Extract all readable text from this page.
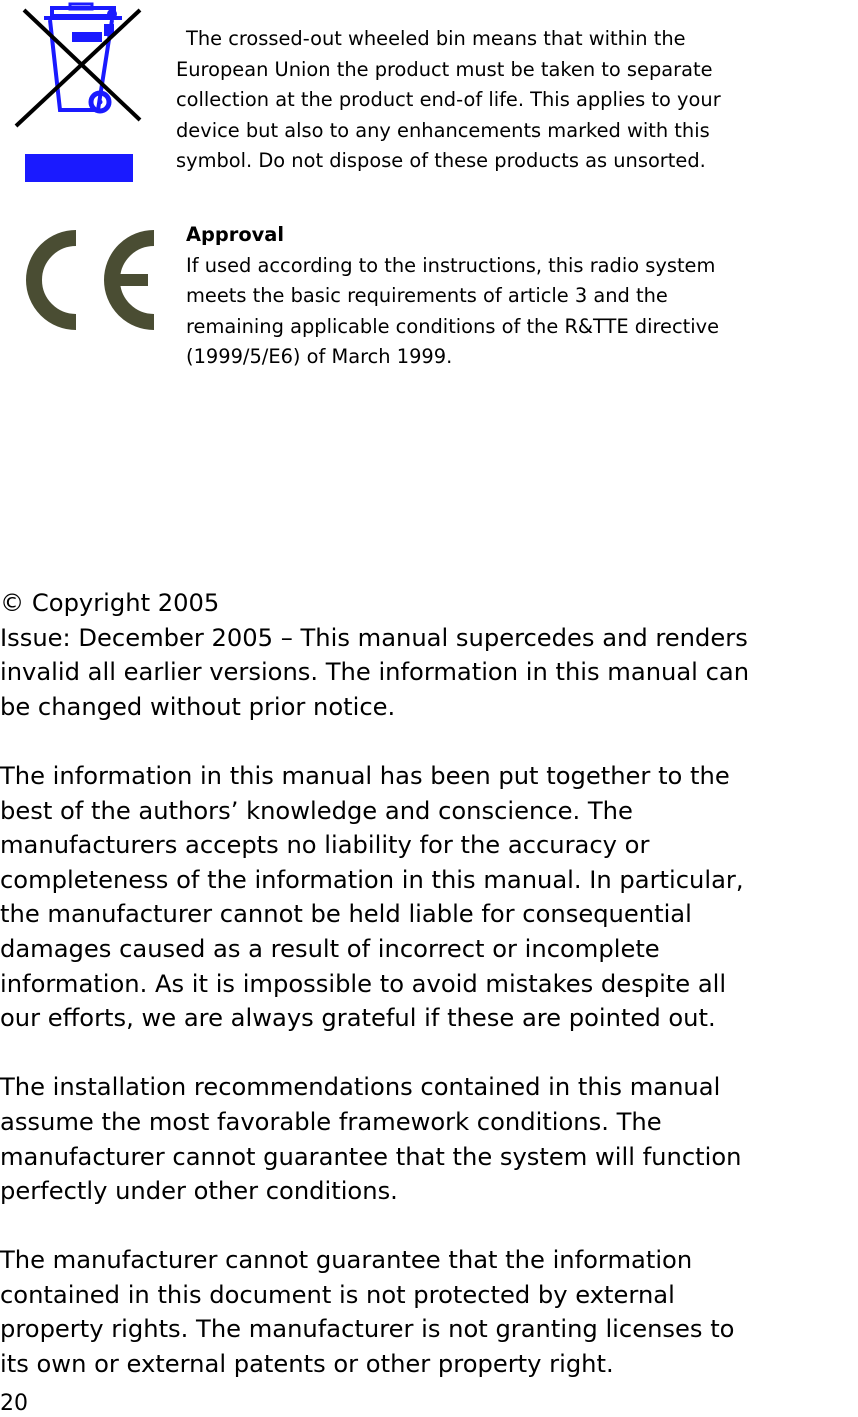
The crossed-out wheeled bin means that within the
European Union the product must be taken to separate
collection at the product end-of life. This applies to your
device but also to any enhancements marked with this
symbol. Do not dispose of these products as unsorted.

Approval
If used according to the instructions, this radio system
meets the basic requirements of article 3 and the
remaining applicable conditions of the R&TTE directive
(1999/5/E6) of March 1999.

© Copyright 2005

Issue: December 2005 – This manual supercedes and renders
invalid all earlier versions. The information in this manual can
be changed without prior notice.

The information in this manual has been put together to the
best of the authors’ knowledge and conscience. The
manufacturers accepts no liability for the accuracy or
completeness of the information in this manual. In particular,
the manufacturer cannot be held liable for consequential
damages caused as a result of incorrect or incomplete
information. As it is impossible to avoid mistakes despite all
our efforts, we are always grateful if these are pointed out.

The installation recommendations contained in this manual
assume the most favorable framework conditions. The
manufacturer cannot guarantee that the system will function
perfectly under other conditions.

The manufacturer cannot guarantee that the information
contained in this document is not protected by external
property rights. The manufacturer is not granting licenses to
its own or external patents or other property right.

20
